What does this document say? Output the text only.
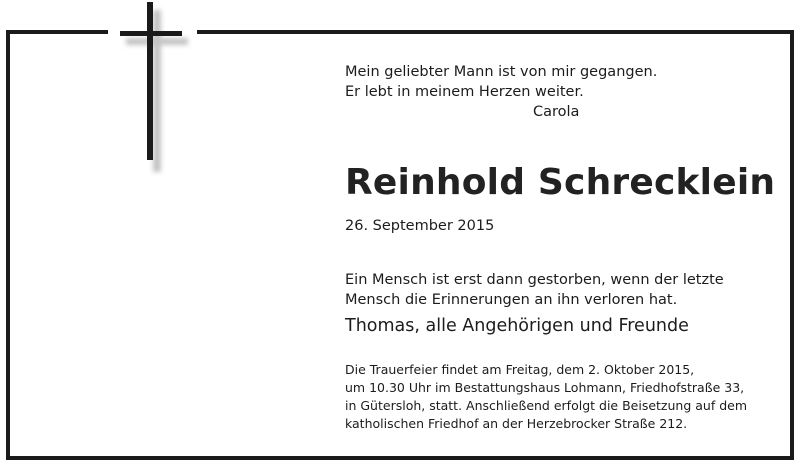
Mein geliebter Mann ist von mir gegangen.

Er lebt in meinem Herzen weiter.

Carola

Reinhold Schrecklein

26. September 2015

Ein Mensch ist erst dann gestorben, wenn der letzte

Mensch die Erinnerungen an ihn verloren hat.

Thomas, alle Angehörigen und Freunde

Die Trauerfeier findet am Freitag, dem 2. Oktober 2015,

um 10.30 Uhr im Bestattungshaus Lohmann, Friedhofstraße 33,

in Gütersloh, statt. Anschließend erfolgt die Beisetzung auf dem

katholischen Friedhof an der Herzebrocker Straße 212.
